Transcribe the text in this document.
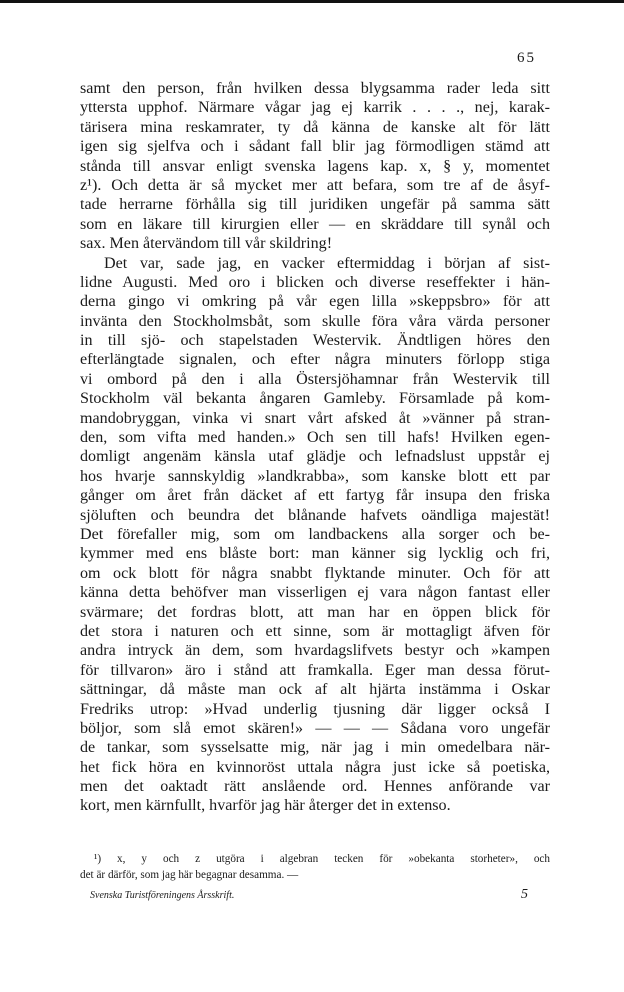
65
samt den person, från hvilken dessa blygsamma rader leda sitt
yttersta upphof. Närmare vågar jag ej karrik . . . ., nej, karak-
tärisera mina reskamrater, ty då känna de kanske alt för lätt
igen sig sjelfva och i sådant fall blir jag förmodligen stämd att
stånda till ansvar enligt svenska lagens kap. x, § y, momentet
z¹). Och detta är så mycket mer att befara, som tre af de åsyf-
tade herrarne förhålla sig till juridiken ungefär på samma sätt
som en läkare till kirurgien eller — en skräddare till synål och
sax. Men återvändom till vår skildring!
Det var, sade jag, en vacker eftermiddag i början af sist-
lidne Augusti. Med oro i blicken och diverse reseffekter i hän-
derna gingo vi omkring på vår egen lilla »skeppsbro» för att
invänta den Stockholmsbåt, som skulle föra våra värda personer
in till sjö- och stapelstaden Westervik. Ändtligen höres den
efterlängtade signalen, och efter några minuters förlopp stiga
vi ombord på den i alla Östersjöhamnar från Westervik till
Stockholm väl bekanta ångaren Gamleby. Församlade på kom-
mandobryggan, vinka vi snart vårt afsked åt »vänner på stran-
den, som vifta med handen.» Och sen till hafs! Hvilken egen-
domligt angenäm känsla utaf glädje och lefnadslust uppstår ej
hos hvarje sannskyldig »landkrabba», som kanske blott ett par
gånger om året från däcket af ett fartyg får insupa den friska
sjöluften och beundra det blånande hafvets oändliga majestät!
Det förefaller mig, som om landbackens alla sorger och be-
kymmer med ens blåste bort: man känner sig lycklig och fri,
om ock blott för några snabbt flyktande minuter. Och för att
känna detta behöfver man visserligen ej vara någon fantast eller
svärmare; det fordras blott, att man har en öppen blick för
det stora i naturen och ett sinne, som är mottagligt äfven för
andra intryck än dem, som hvardagslifvets bestyr och »kampen
för tillvaron» äro i stånd att framkalla. Eger man dessa förut-
sättningar, då måste man ock af alt hjärta instämma i Oskar
Fredriks utrop: »Hvad underlig tjusning där ligger också I
böljor, som slå emot skären!» — — — Sådana voro ungefär
de tankar, som sysselsatte mig, när jag i min omedelbara när-
het fick höra en kvinnoröst uttala några just icke så poetiska,
men det oaktadt rätt anslående ord. Hennes anförande var
kort, men kärnfullt, hvarför jag här återger det in extenso.
¹) x, y och z utgöra i algebran tecken för »obekanta storheter», och
det är därför, som jag här begagnar desamma. —
Svenska Turistföreningens Årsskrift.	5
